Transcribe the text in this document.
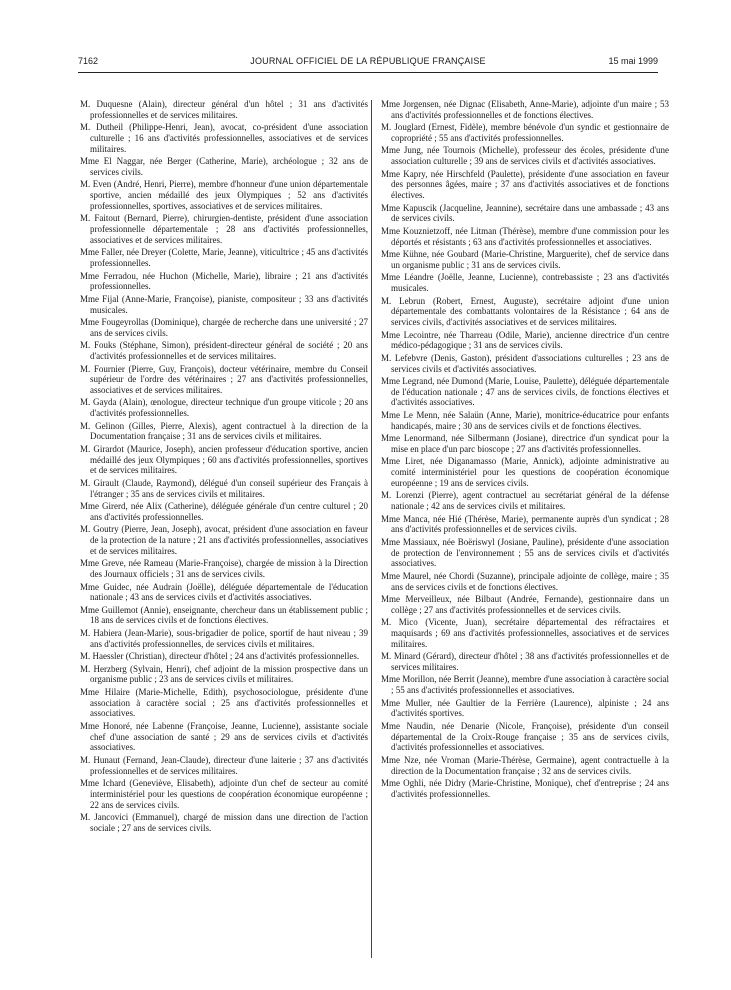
7162	JOURNAL OFFICIEL DE LA RÉPUBLIQUE FRANÇAISE	15 mai 1999

M. Duquesne (Alain), directeur général d'un hôtel ; 31 ans d'activités professionnelles et de services militaires.

M. Dutheil (Philippe-Henri, Jean), avocat, co-président d'une association culturelle ; 16 ans d'activités professionnelles, associatives et de services militaires.

Mme El Naggar, née Berger (Catherine, Marie), archéologue ; 32 ans de services civils.

M. Even (André, Henri, Pierre), membre d'honneur d'une union départementale sportive, ancien médaillé des jeux Olympiques ; 52 ans d'activités professionnelles, sportives, associatives et de services militaires.

M. Faitout (Bernard, Pierre), chirurgien-dentiste, président d'une association professionnelle départementale ; 28 ans d'activités professionnelles, associatives et de services militaires.

Mme Faller, née Dreyer (Colette, Marie, Jeanne), viticultrice ; 45 ans d'activités professionnelles.

Mme Ferradou, née Huchon (Michelle, Marie), libraire ; 21 ans d'activités professionnelles.

Mme Fijal (Anne-Marie, Françoise), pianiste, compositeur ; 33 ans d'activités musicales.

Mme Fougeyrollas (Dominique), chargée de recherche dans une université ; 27 ans de services civils.

M. Fouks (Stéphane, Simon), président-directeur général de société ; 20 ans d'activités professionnelles et de services militaires.

M. Fournier (Pierre, Guy, François), docteur vétérinaire, membre du Conseil supérieur de l'ordre des vétérinaires ; 27 ans d'activités professionnelles, associatives et de services militaires.

M. Gayda (Alain), œnologue, directeur technique d'un groupe viticole ; 20 ans d'activités professionnelles.

M. Gelinon (Gilles, Pierre, Alexis), agent contractuel à la direction de la Documentation française ; 31 ans de services civils et militaires.

M. Girardot (Maurice, Joseph), ancien professeur d'éducation sportive, ancien médaillé des jeux Olympiques ; 60 ans d'activités professionnelles, sportives et de services militaires.

M. Girault (Claude, Raymond), délégué d'un conseil supérieur des Français à l'étranger ; 35 ans de services civils et militaires.

Mme Girerd, née Alix (Catherine), déléguée générale d'un centre culturel ; 20 ans d'activités professionnelles.

M. Goutry (Pierre, Jean, Joseph), avocat, président d'une association en faveur de la protection de la nature ; 21 ans d'activités professionnelles, associatives et de services militaires.

Mme Greve, née Rameau (Marie-Françoise), chargée de mission à la Direction des Journaux officiels ; 31 ans de services civils.

Mme Guidec, née Audrain (Joëlle), déléguée départementale de l'éducation nationale ; 43 ans de services civils et d'activités associatives.

Mme Guillemot (Annie), enseignante, chercheur dans un établissement public ; 18 ans de services civils et de fonctions électives.

M. Habiera (Jean-Marie), sous-brigadier de police, sportif de haut niveau ; 39 ans d'activités professionnelles, de services civils et militaires.

M. Haessler (Christian), directeur d'hôtel ; 24 ans d'activités professionnelles.

M. Herzberg (Sylvain, Henri), chef adjoint de la mission prospective dans un organisme public ; 23 ans de services civils et militaires.

Mme Hilaire (Marie-Michelle, Edith), psychosociologue, présidente d'une association à caractère social ; 25 ans d'activités professionnelles et associatives.

Mme Honoré, née Labenne (Françoise, Jeanne, Lucienne), assistante sociale chef d'une association de santé ; 29 ans de services civils et d'activités associatives.

M. Hunaut (Fernand, Jean-Claude), directeur d'une laiterie ; 37 ans d'activités professionnelles et de services militaires.

Mme Ichard (Geneviève, Elisabeth), adjointe d'un chef de secteur au comité interministériel pour les questions de coopération économique européenne ; 22 ans de services civils.

M. Jancovici (Emmanuel), chargé de mission dans une direction de l'action sociale ; 27 ans de services civils.

Mme Jorgensen, née Dignac (Elisabeth, Anne-Marie), adjointe d'un maire ; 53 ans d'activités professionnelles et de fonctions électives.

M. Jouglard (Ernest, Fidèle), membre bénévole d'un syndic et gestionnaire de copropriété ; 55 ans d'activités professionnelles.

Mme Jung, née Tournois (Michelle), professeur des écoles, présidente d'une association culturelle ; 39 ans de services civils et d'activités associatives.

Mme Kapry, née Hirschfeld (Paulette), présidente d'une association en faveur des personnes âgées, maire ; 37 ans d'activités associatives et de fonctions électives.

Mme Kapuscik (Jacqueline, Jeannine), secrétaire dans une ambassade ; 43 ans de services civils.

Mme Kouznietzoff, née Litman (Thérèse), membre d'une commission pour les déportés et résistants ; 63 ans d'activités professionnelles et associatives.

Mme Kühne, née Goubard (Marie-Christine, Marguerite), chef de service dans un organisme public ; 31 ans de services civils.

Mme Léandre (Joëlle, Jeanne, Lucienne), contrebassiste ; 23 ans d'activités musicales.

M. Lebrun (Robert, Ernest, Auguste), secrétaire adjoint d'une union départementale des combattants volontaires de la Résistance ; 64 ans de services civils, d'activités associatives et de services militaires.

Mme Lecointre, née Tharreau (Odile, Marie), ancienne directrice d'un centre médico-pédagogique ; 31 ans de services civils.

M. Lefebvre (Denis, Gaston), président d'associations culturelles ; 23 ans de services civils et d'activités associatives.

Mme Legrand, née Dumond (Marie, Louise, Paulette), déléguée départementale de l'éducation nationale ; 47 ans de services civils, de fonctions électives et d'activités associatives.

Mme Le Menn, née Salaün (Anne, Marie), monitrice-éducatrice pour enfants handicapés, maire ; 30 ans de services civils et de fonctions électives.

Mme Lenormand, née Silbermann (Josiane), directrice d'un syndicat pour la mise en place d'un parc bioscope ; 27 ans d'activités professionnelles.

Mme Liret, née Diganamasso (Marie, Annick), adjointe administrative au comité interministériel pour les questions de coopération économique européenne ; 19 ans de services civils.

M. Lorenzi (Pierre), agent contractuel au secrétariat général de la défense nationale ; 42 ans de services civils et militaires.

Mme Manca, née Hié (Thérèse, Marie), permanente auprès d'un syndicat ; 28 ans d'activités professionnelles et de services civils.

Mme Massiaux, née Boëriswyl (Josiane, Pauline), présidente d'une association de protection de l'environnement ; 55 ans de services civils et d'activités associatives.

Mme Maurel, née Chordi (Suzanne), principale adjointe de collège, maire ; 35 ans de services civils et de fonctions électives.

Mme Merveilleux, née Bilbaut (Andrée, Fernande), gestionnaire dans un collège ; 27 ans d'activités professionnelles et de services civils.

M. Mico (Vicente, Juan), secrétaire départemental des réfractaires et maquisards ; 69 ans d'activités professionnelles, associatives et de services militaires.

M. Minard (Gérard), directeur d'hôtel ; 38 ans d'activités professionnelles et de services militaires.

Mme Morillon, née Berrit (Jeanne), membre d'une association à caractère social ; 55 ans d'activités professionnelles et associatives.

Mme Muller, née Gaultier de la Ferrière (Laurence), alpiniste ; 24 ans d'activités sportives.

Mme Naudin, née Denarie (Nicole, Françoise), présidente d'un conseil départemental de la Croix-Rouge française ; 35 ans de services civils, d'activités professionnelles et associatives.

Mme Nze, née Vroman (Marie-Thérèse, Germaine), agent contractuelle à la direction de la Documentation française ; 32 ans de services civils.

Mme Oghli, née Didry (Marie-Christine, Monique), chef d'entreprise ; 24 ans d'activités professionnelles.
